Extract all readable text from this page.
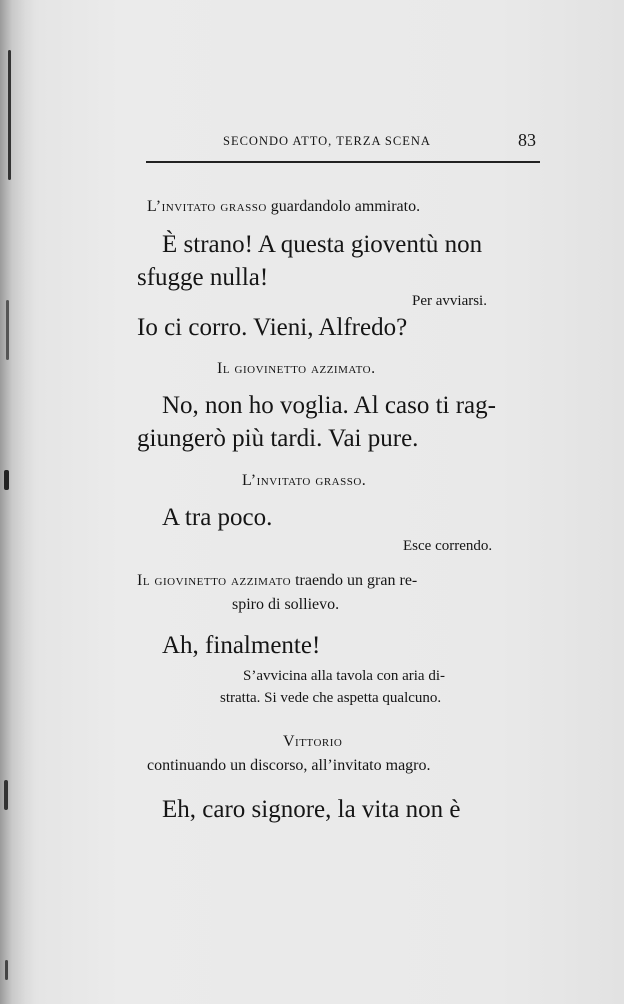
SECONDO ATTO, TERZA SCENA	83
L’invitato grasso guardandolo ammirato.
È strano! A questa gioventù non
sfugge nulla!
Per avviarsi.
Io ci corro. Vieni, Alfredo?
Il giovinetto azzimato.
No, non ho voglia. Al caso ti rag-
giungerò più tardi. Vai pure.
L’invitato grasso.
A tra poco.
Esce correndo.
Il giovinetto azzimato traendo un gran re-
spiro di sollievo.
Ah, finalmente!
S’avvicina alla tavola con aria di-
stratta. Si vede che aspetta qualcuno.
Vittorio
continuando un discorso, all’invitato magro.
Eh, caro signore, la vita non è
